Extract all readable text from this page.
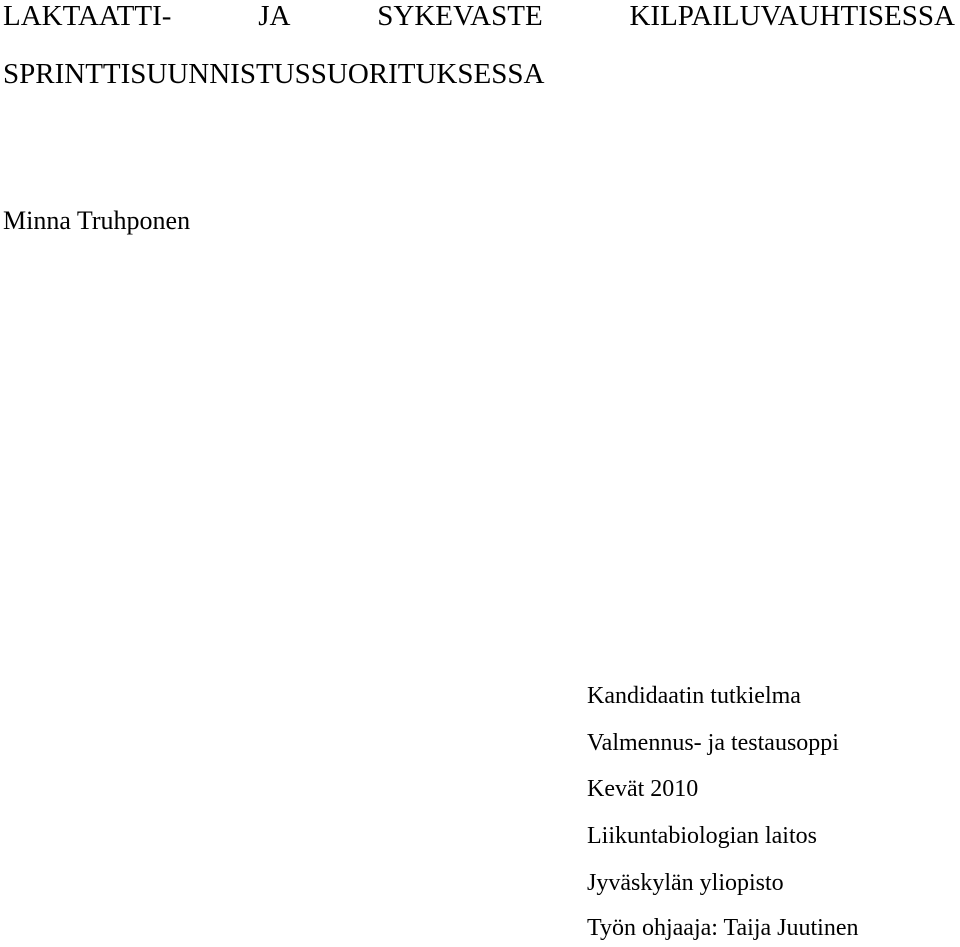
LAKTAATTI-	JA	SYKEVASTE	KILPAILUVAUHTISESSA
SPRINTTISUUNNISTUSSUORITUKSESSA
Minna Truhponen
Kandidaatin tutkielma
Valmennus- ja testausoppi
Kevät 2010
Liikuntabiologian laitos
Jyväskylän yliopisto
Työn ohjaaja: Taija Juutinen
